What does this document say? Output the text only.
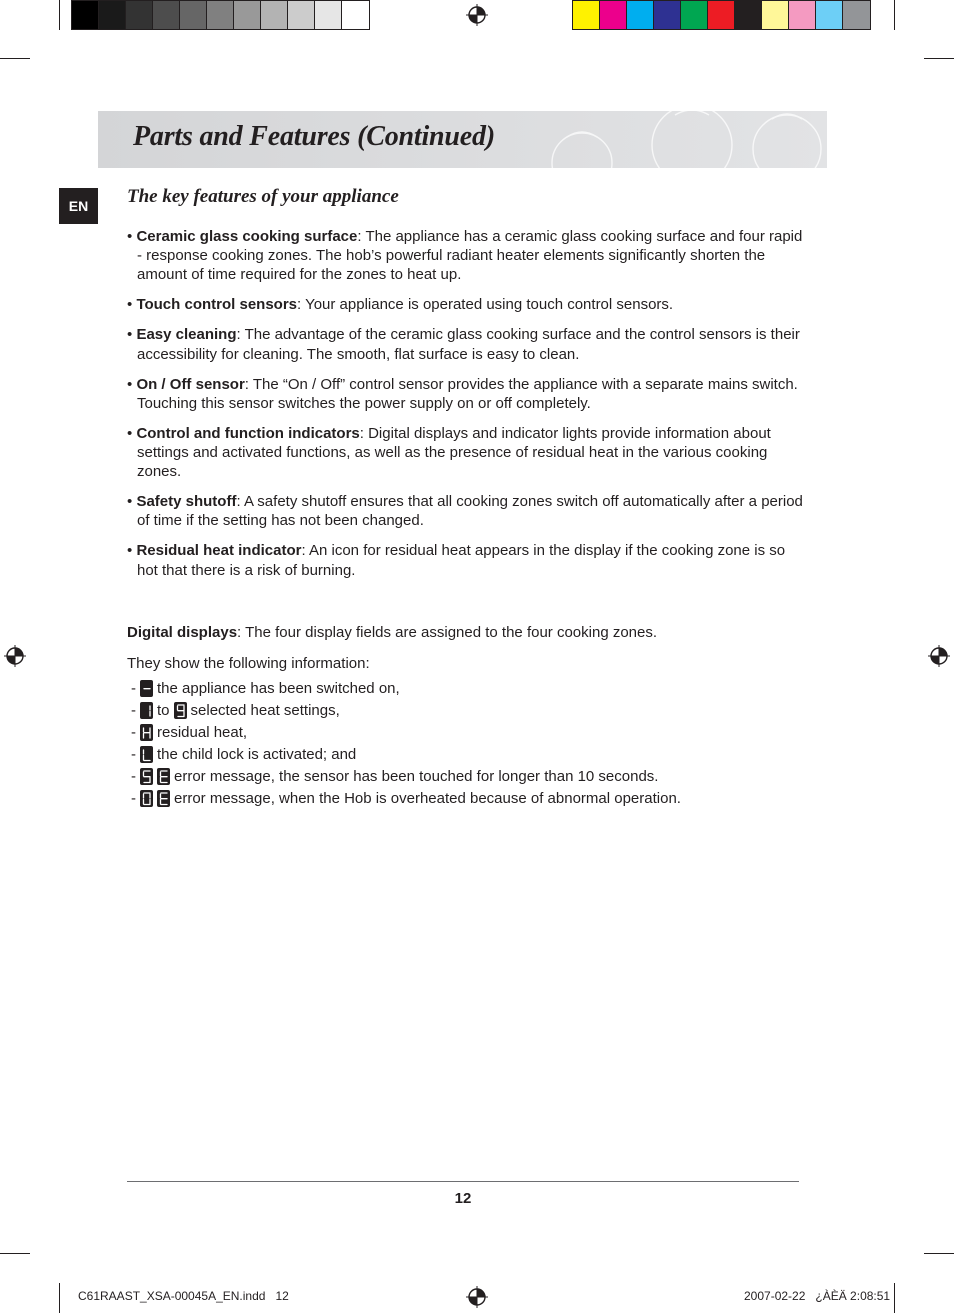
Parts and Features (Continued)
EN	The key features of your appliance
• Ceramic glass cooking surface: The appliance has a ceramic glass cooking surface and four rapid - response cooking zones. The hob’s powerful radiant heater elements significantly shorten the amount of time required for the zones to heat up.
• Touch control sensors: Your appliance is operated using touch control sensors.
• Easy cleaning: The advantage of the ceramic glass cooking surface and the control sensors is their accessibility for cleaning. The smooth, flat surface is easy to clean.
• On / Off sensor: The “On / Off” control sensor provides the appliance with a separate mains switch. Touching this sensor switches the power supply on or off completely.
• Control and function indicators: Digital displays and indicator lights provide information about settings and activated functions, as well as the presence of residual heat in the various cooking zones.
• Safety shutoff: A safety shutoff ensures that all cooking zones switch off automatically after a period of time if the setting has not been changed.
• Residual heat indicator: An icon for residual heat appears in the display if the cooking zone is so hot that there is a risk of burning.
Digital displays: The four display fields are assigned to the four cooking zones.
They show the following information:
- the appliance has been switched on,
- to selected heat settings,
- residual heat,
- the child lock is activated; and
-	error message, the sensor has been touched for longer than 10 seconds.
-	error message, when the Hob is overheated because of abnormal operation.
12
C61RAAST_XSA-00045A_EN.indd   12	2007-02-22   ¿ÀÈÄ 2:08:51
